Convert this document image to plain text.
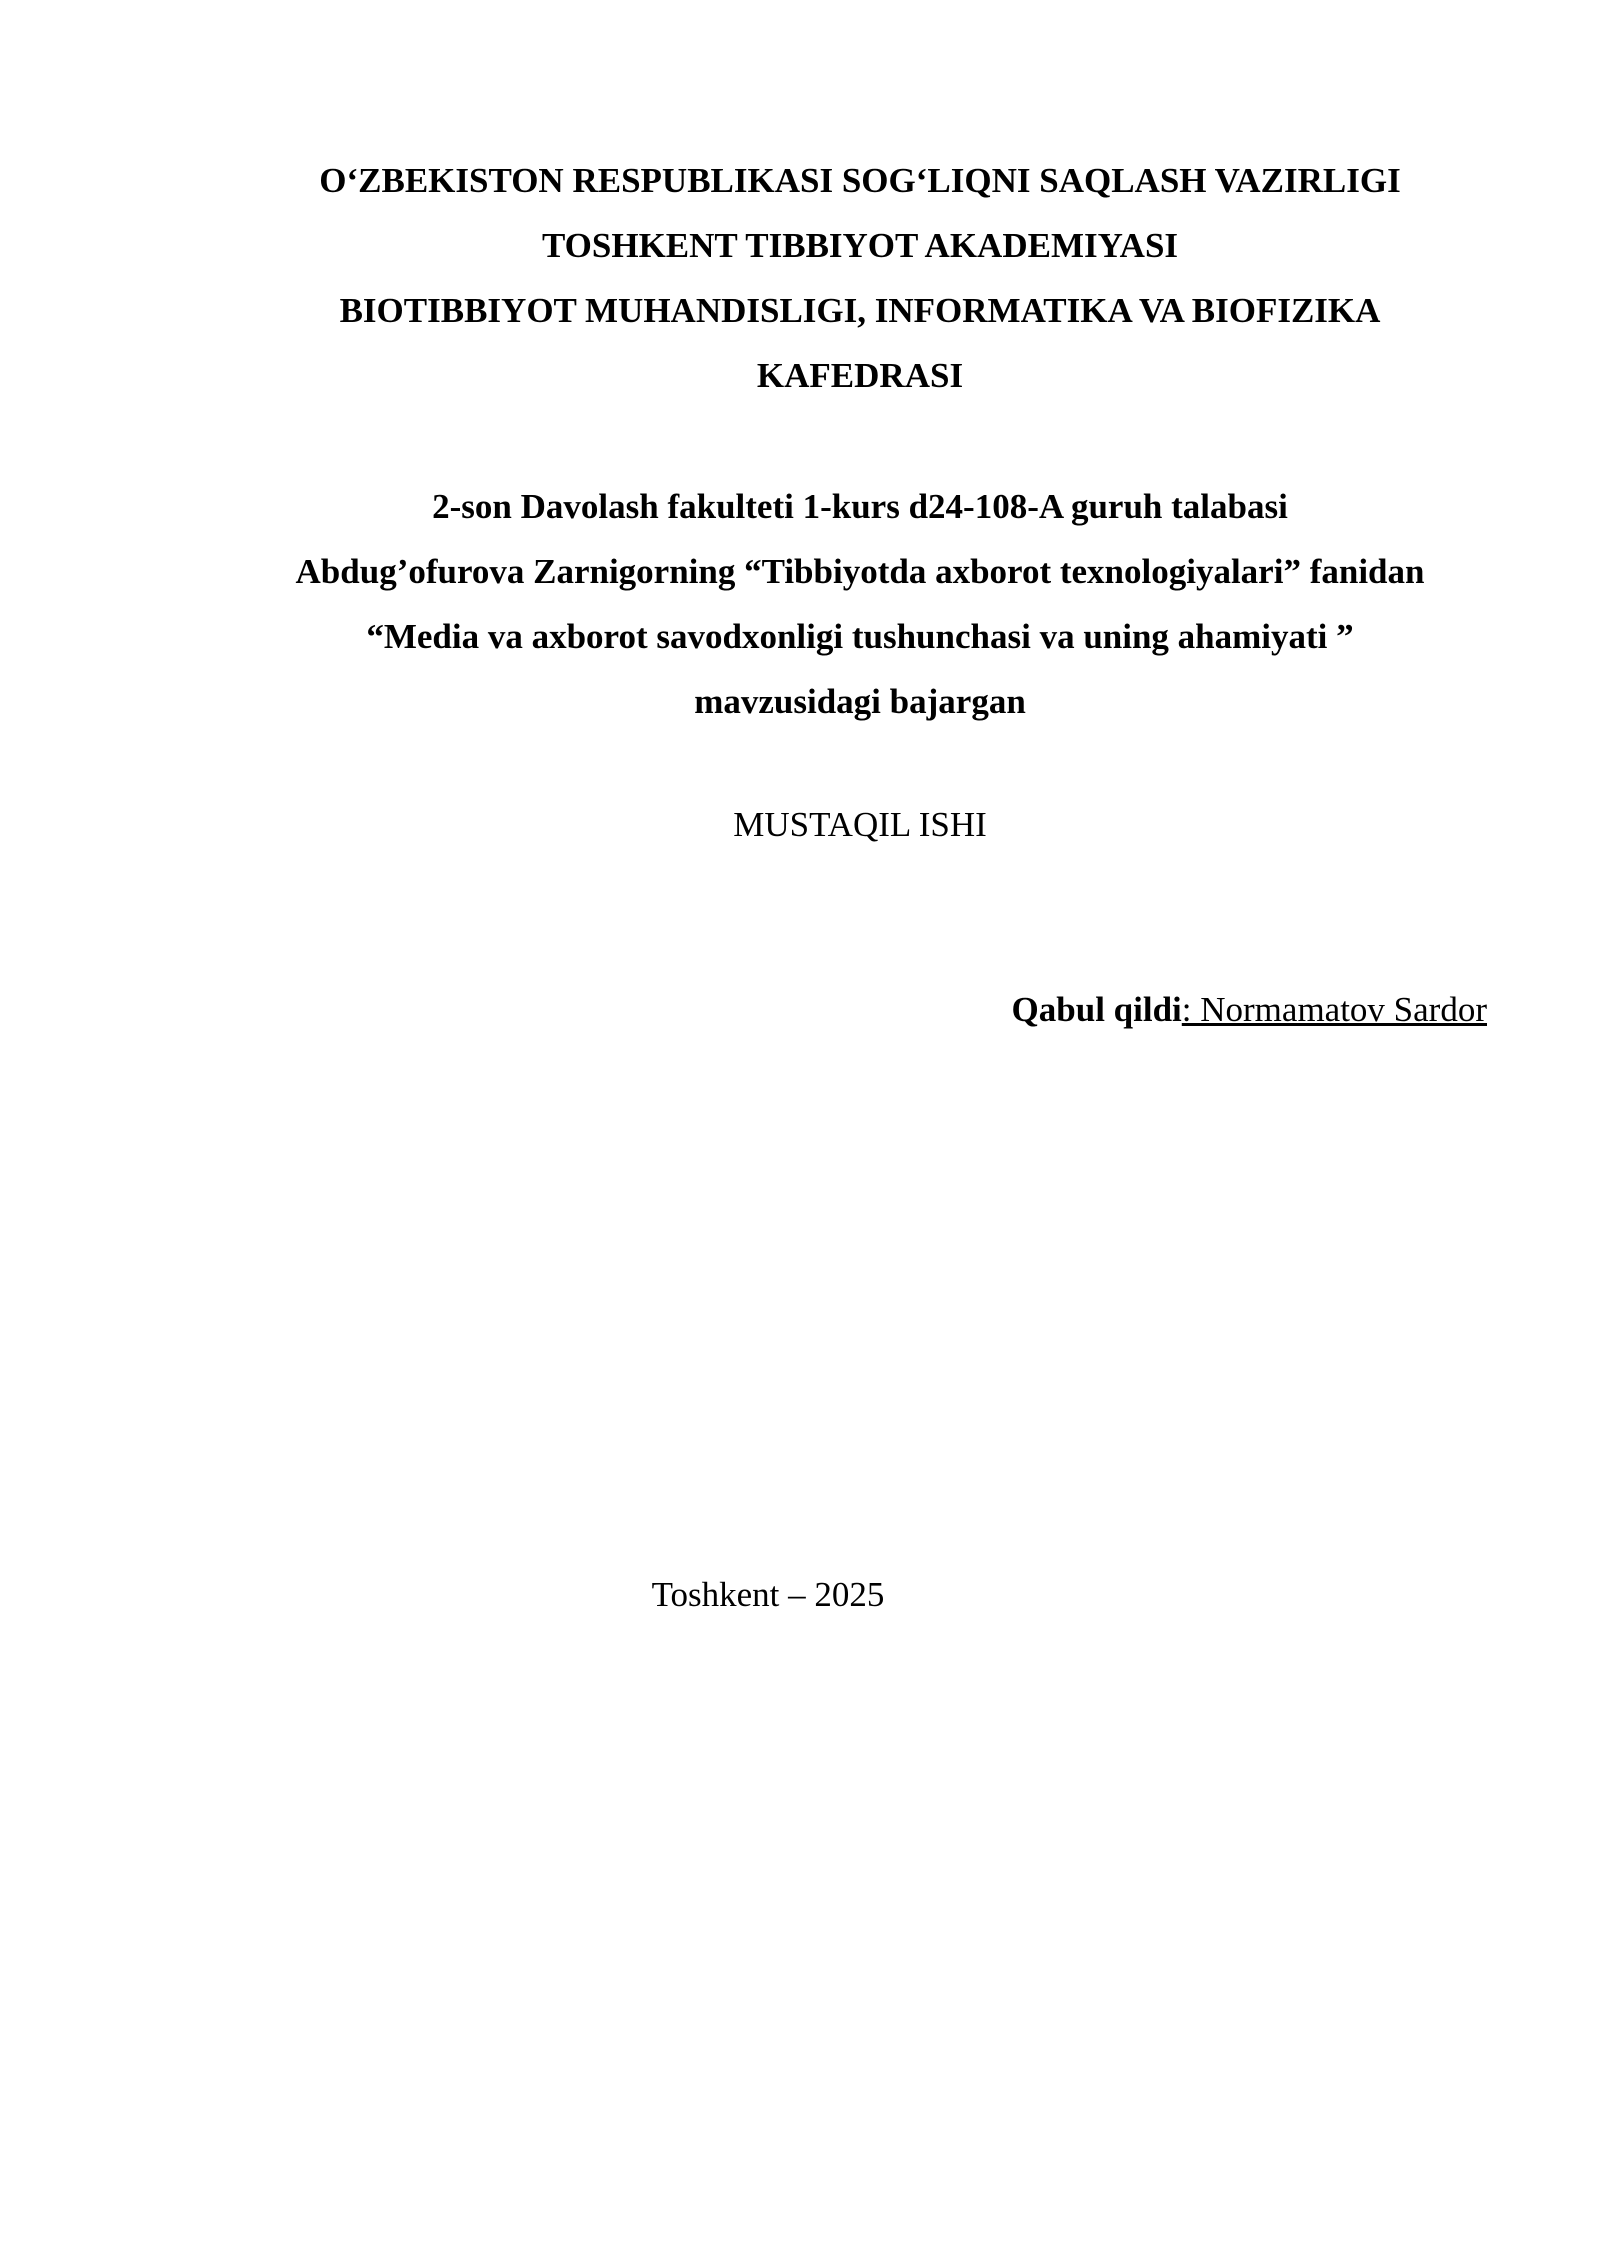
O‘ZBEKISTON RESPUBLIKASI SOG‘LIQNI SAQLASH VAZIRLIGI
TOSHKENT TIBBIYOT AKADEMIYASI
BIOTIBBIYOT MUHANDISLIGI, INFORMATIKA VA BIOFIZIKA
KAFEDRASI
2-son Davolash fakulteti 1-kurs d24-108-A guruh talabasi
Abdug’ofurova Zarnigorning “Tibbiyotda axborot texnologiyalari” fanidan
“Media va axborot savodxonligi tushunchasi va uning ahamiyati ”
mavzusidagi bajargan
MUSTAQIL ISHI
Qabul qildi: Normamatov Sardor
Toshkent – 2025
